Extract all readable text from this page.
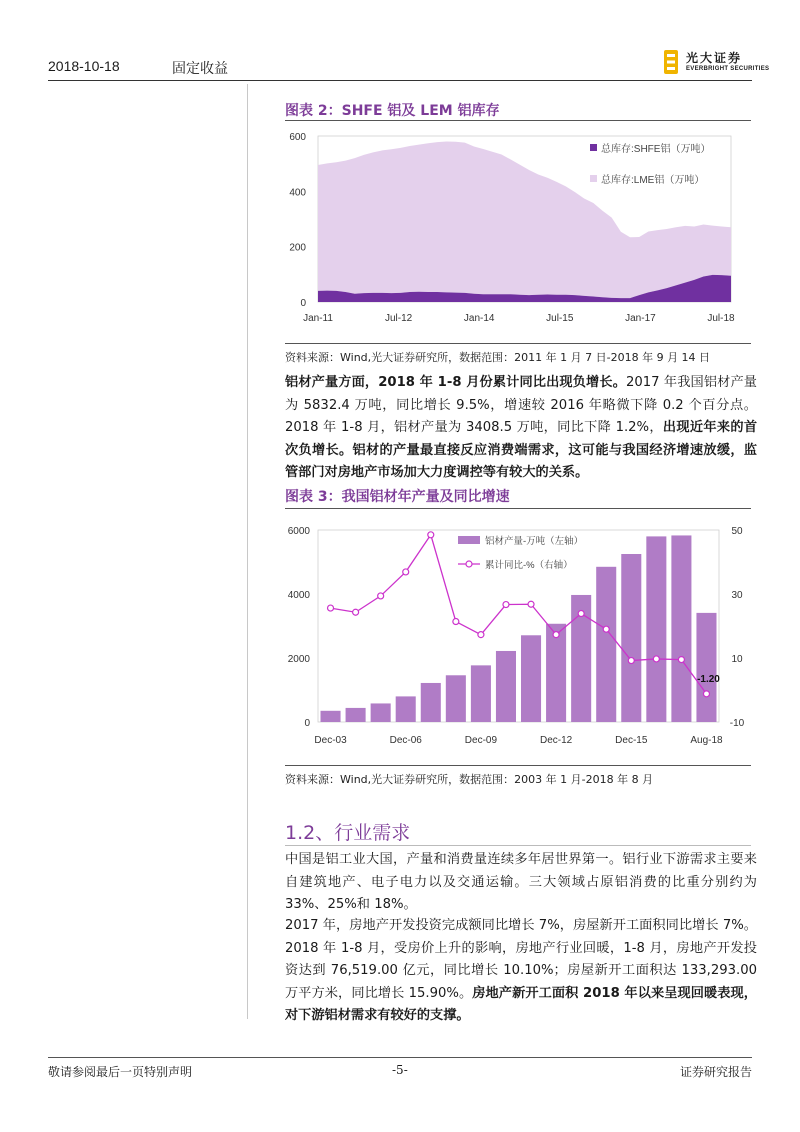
2018-10-18	固定收益
光大证券
EVERBRIGHT SECURITIES
图表 2：SHFE 铝及 LEM 铝库存
0
200
400
600
Jan-11	Jul-12	Jan-14	Jul-15	Jan-17	Jul-18
总库存:SHFE铝（万吨）
总库存:LME铝（万吨）
资料来源：Wind,光大证券研究所，数据范围：2011 年 1 月 7 日-2018 年 9 月 14 日
铝材产量方面，2018 年 1-8 月份累计同比出现负增长。2017 年我国铝材产量为 5832.4 万吨，同比增长 9.5%，增速较 2016 年略微下降 0.2 个百分点。2018 年 1-8 月，铝材产量为 3408.5 万吨，同比下降 1.2%，出现近年来的首次负增长。铝材的产量最直接反应消费端需求，这可能与我国经济增速放缓，监管部门对房地产市场加大力度调控等有较大的关系。
图表 3：我国铝材年产量及同比增速
-1.20
0
2000
4000
6000
-10
10
30
50
Dec-03	Dec-06	Dec-09	Dec-12	Dec-15	Aug-18
铝材产量-万吨（左轴）
累计同比-%（右轴）
资料来源：Wind,光大证券研究所，数据范围：2003 年 1 月-2018 年 8 月
1.2、行业需求
中国是铝工业大国，产量和消费量连续多年居世界第一。铝行业下游需求主要来自建筑地产、电子电力以及交通运输。三大领域占原铝消费的比重分别约为 33%、25%和 18%。
2017 年，房地产开发投资完成额同比增长 7%，房屋新开工面积同比增长 7%。2018 年 1-8 月，受房价上升的影响，房地产行业回暖，1-8 月，房地产开发投资达到 76,519.00 亿元，同比增长 10.10%；房屋新开工面积达 133,293.00 万平方米，同比增长 15.90%。房地产新开工面积 2018 年以来呈现回暖表现，对下游铝材需求有较好的支撑。
敬请参阅最后一页特别声明	-5-	证券研究报告
